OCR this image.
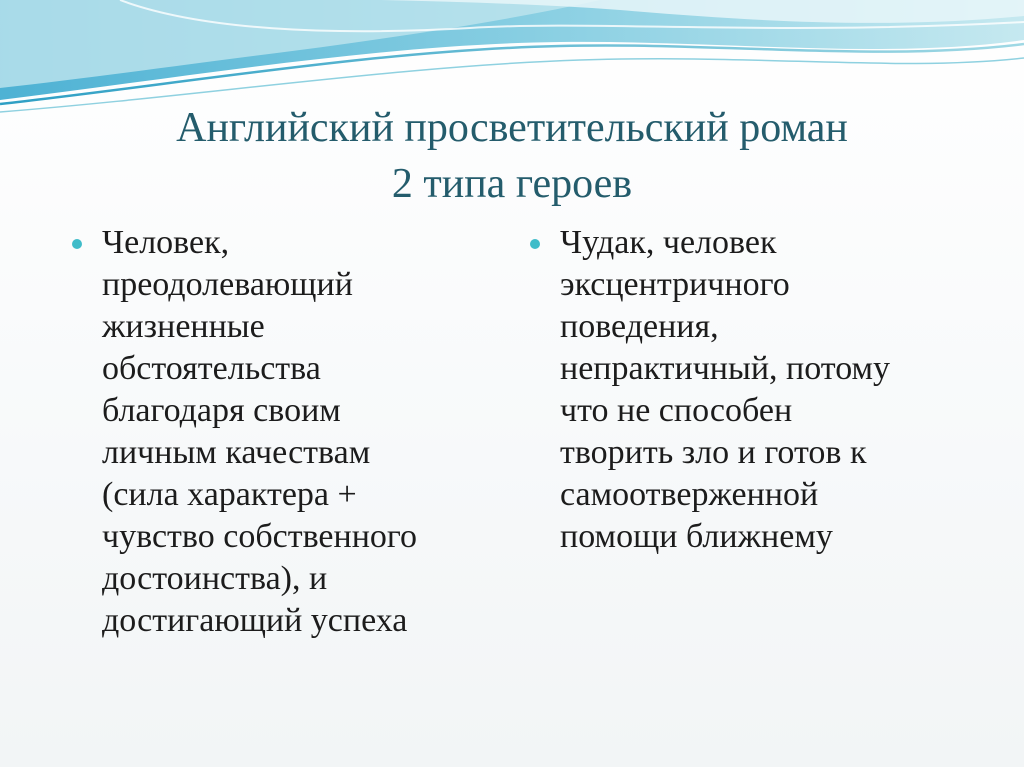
Английский просветительский роман
2 типа героев
Человек,
преодолевающий
жизненные
обстоятельства
благодаря своим
личным качествам
(сила характера +
чувство собственного
достоинства), и
достигающий успеха
Чудак, человек
эксцентричного
поведения,
непрактичный, потому
что не способен
творить зло и готов к
самоотверженной
помощи ближнему
